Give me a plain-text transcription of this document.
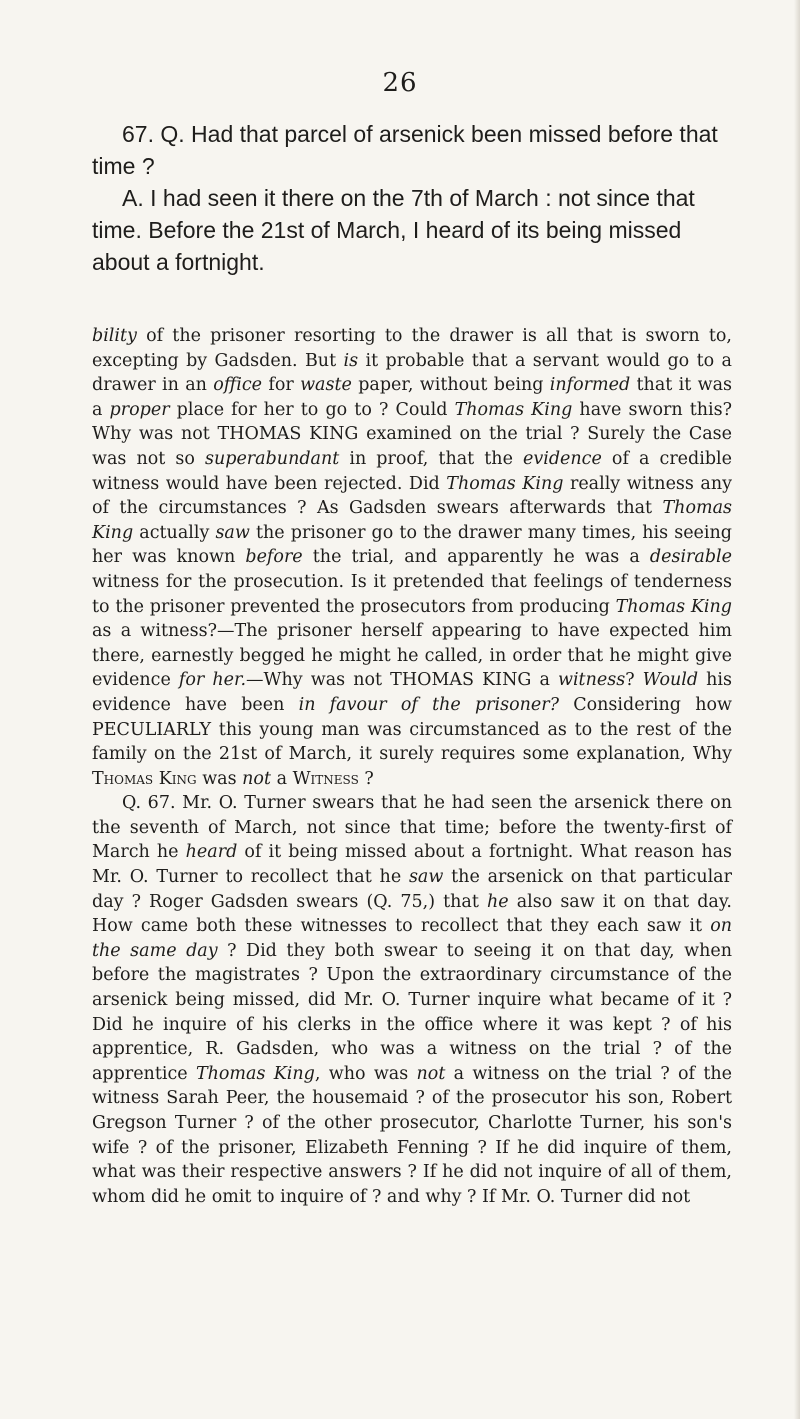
26

67. Q. Had that parcel of arsenick been missed before that time ?

A. I had seen it there on the 7th of March : not since that time. Before the 21st of March, I heard of its being missed about a fortnight.

bility of the prisoner resorting to the drawer is all that is sworn to, excepting by Gadsden. But is it probable that a servant would go to a drawer in an office for waste paper, without being informed that it was a proper place for her to go to ? Could Thomas King have sworn this? Why was not THOMAS KING examined on the trial ? Surely the Case was not so superabundant in proof, that the evidence of a credible witness would have been rejected. Did Thomas King really witness any of the circumstances ? As Gadsden swears afterwards that Thomas King actually saw the prisoner go to the drawer many times, his seeing her was known before the trial, and apparently he was a desirable witness for the prosecution. Is it pretended that feelings of tenderness to the prisoner prevented the prosecutors from producing Thomas King as a witness?—The prisoner herself appearing to have expected him there, earnestly begged he might he called, in order that he might give evidence for her.—Why was not THOMAS KING a witness? Would his evidence have been in favour of the prisoner? Considering how PECULIARLY this young man was circumstanced as to the rest of the family on the 21st of March, it surely requires some explanation, Why Thomas King was not a Witness ?

Q. 67. Mr. O. Turner swears that he had seen the arsenick there on the seventh of March, not since that time; before the twenty-first of March he heard of it being missed about a fortnight. What reason has Mr. O. Turner to recollect that he saw the arsenick on that particular day ? Roger Gadsden swears (Q. 75,) that he also saw it on that day. How came both these witnesses to recollect that they each saw it on the same day ? Did they both swear to seeing it on that day, when before the magistrates ? Upon the extraordinary circumstance of the arsenick being missed, did Mr. O. Turner inquire what became of it ? Did he inquire of his clerks in the office where it was kept ? of his apprentice, R. Gadsden, who was a witness on the trial ? of the apprentice Thomas King, who was not a witness on the trial ? of the witness Sarah Peer, the housemaid ? of the prosecutor his son, Robert Gregson Turner ? of the other prosecutor, Charlotte Turner, his son's wife ? of the prisoner, Elizabeth Fenning ? If he did inquire of them, what was their respective answers ? If he did not inquire of all of them, whom did he omit to inquire of ? and why ? If Mr. O. Turner did not
